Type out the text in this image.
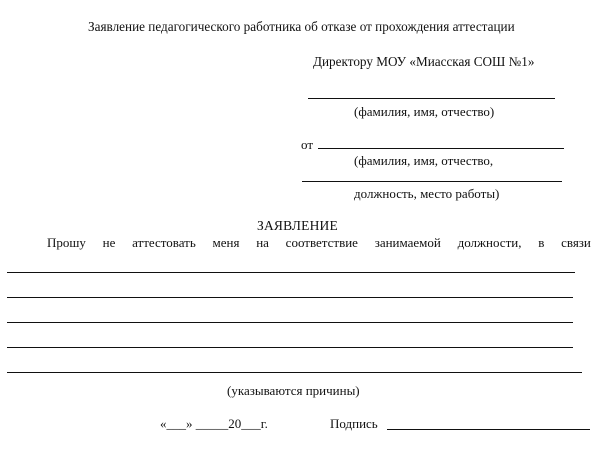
Заявление педагогического работника об отказе от прохождения аттестации
Директору МОУ «Миасская СОШ №1»
(фамилия, имя, отчество)
от
(фамилия, имя, отчество,
должность, место работы)
ЗАЯВЛЕНИЕ
Прошу не аттестовать меня на соответствие занимаемой должности, в связи
(указываются причины)
«___» _____20___г.	Подпись
